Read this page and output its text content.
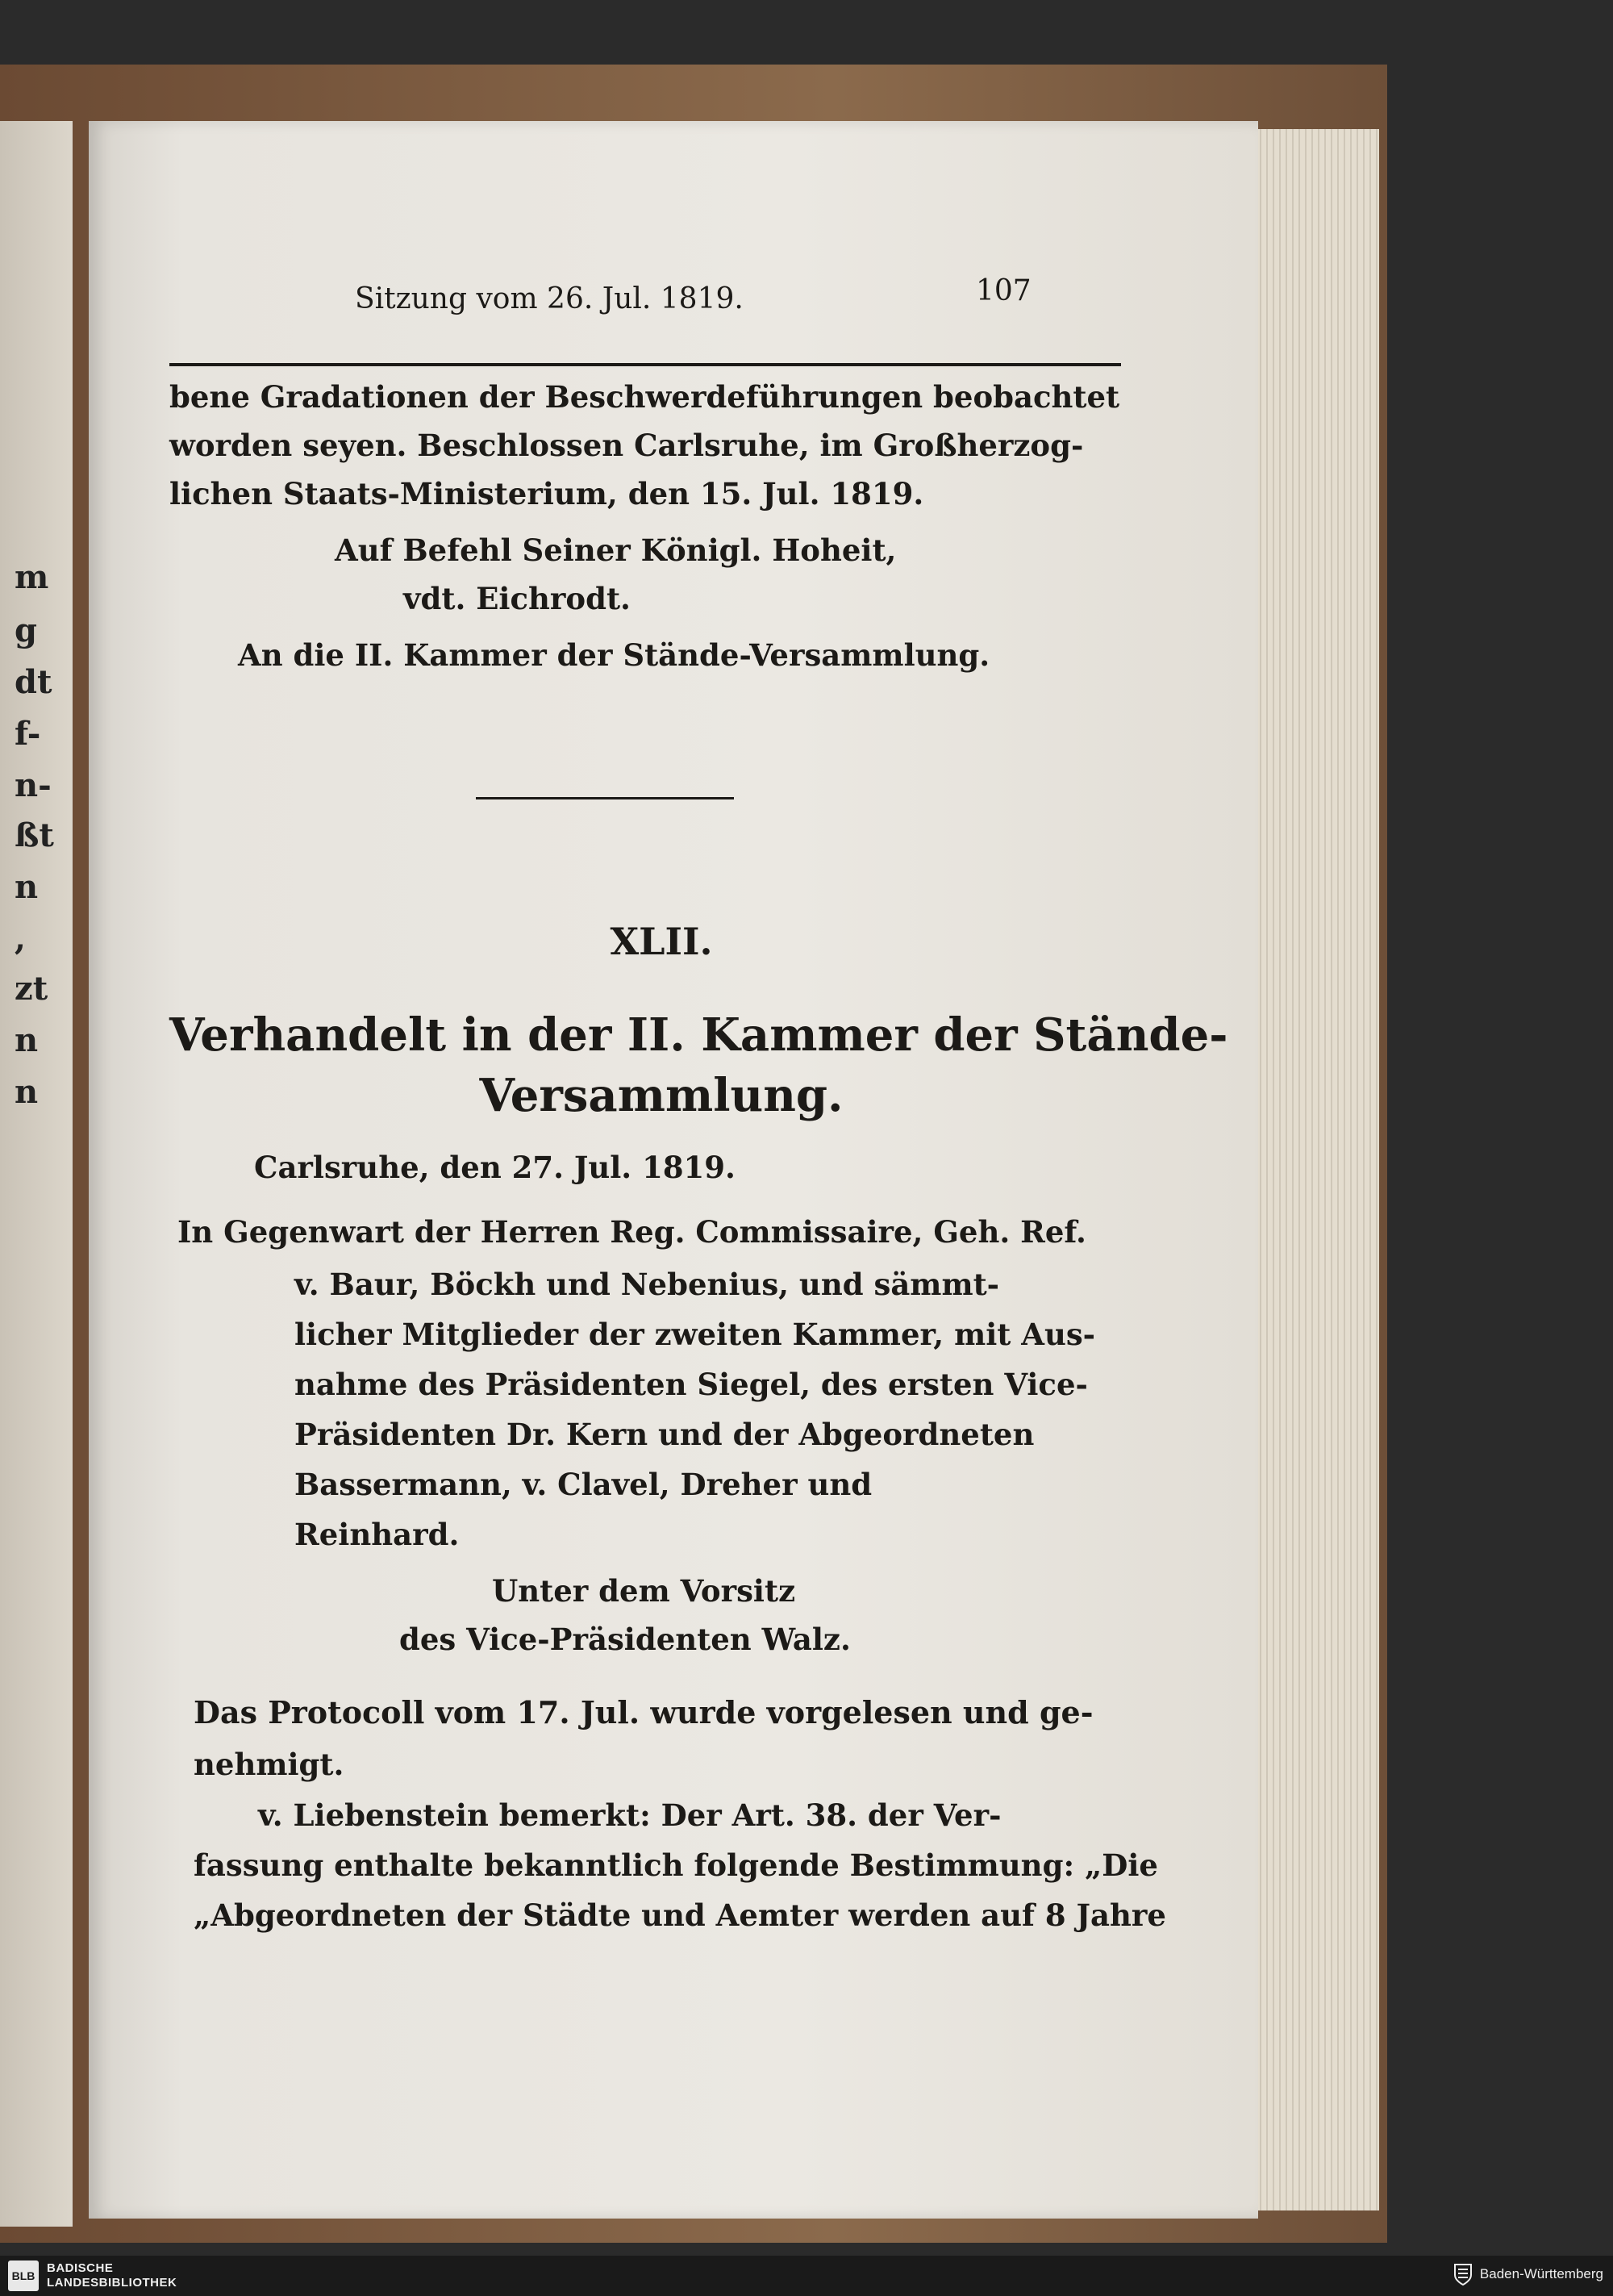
m
g
dt
f-
n-
ßt
n
,
zt
n
n
Sitzung vom 26. Jul. 1819.	107
bene Gradationen der Beschwerdeführungen beobachtet
worden seyen. Beschlossen Carlsruhe, im Großherzog-
lichen Staats-Ministerium, den 15. Jul. 1819.
Auf Befehl Seiner Königl. Hoheit,
vdt. Eichrodt.
An die II. Kammer der Stände-Versammlung.
XLII.
Verhandelt in der II. Kammer der Stände-
Versammlung.
Carlsruhe, den 27. Jul. 1819.
In Gegenwart der Herren Reg. Commissaire, Geh. Ref.
v. Baur, Böckh und Nebenius, und sämmt-
licher Mitglieder der zweiten Kammer, mit Aus-
nahme des Präsidenten Siegel, des ersten Vice-
Präsidenten Dr. Kern und der Abgeordneten
Bassermann, v. Clavel, Dreher und
Reinhard.
Unter dem Vorsitz
des Vice-Präsidenten Walz.
Das Protocoll vom 17. Jul. wurde vorgelesen und ge-
nehmigt.
v. Liebenstein bemerkt: Der Art. 38. der Ver-
fassung enthalte bekanntlich folgende Bestimmung: „Die
„Abgeordneten der Städte und Aemter werden auf 8 Jahre
BLB
BADISCHE
LANDESBIBLIOTHEK
Baden-Württemberg
